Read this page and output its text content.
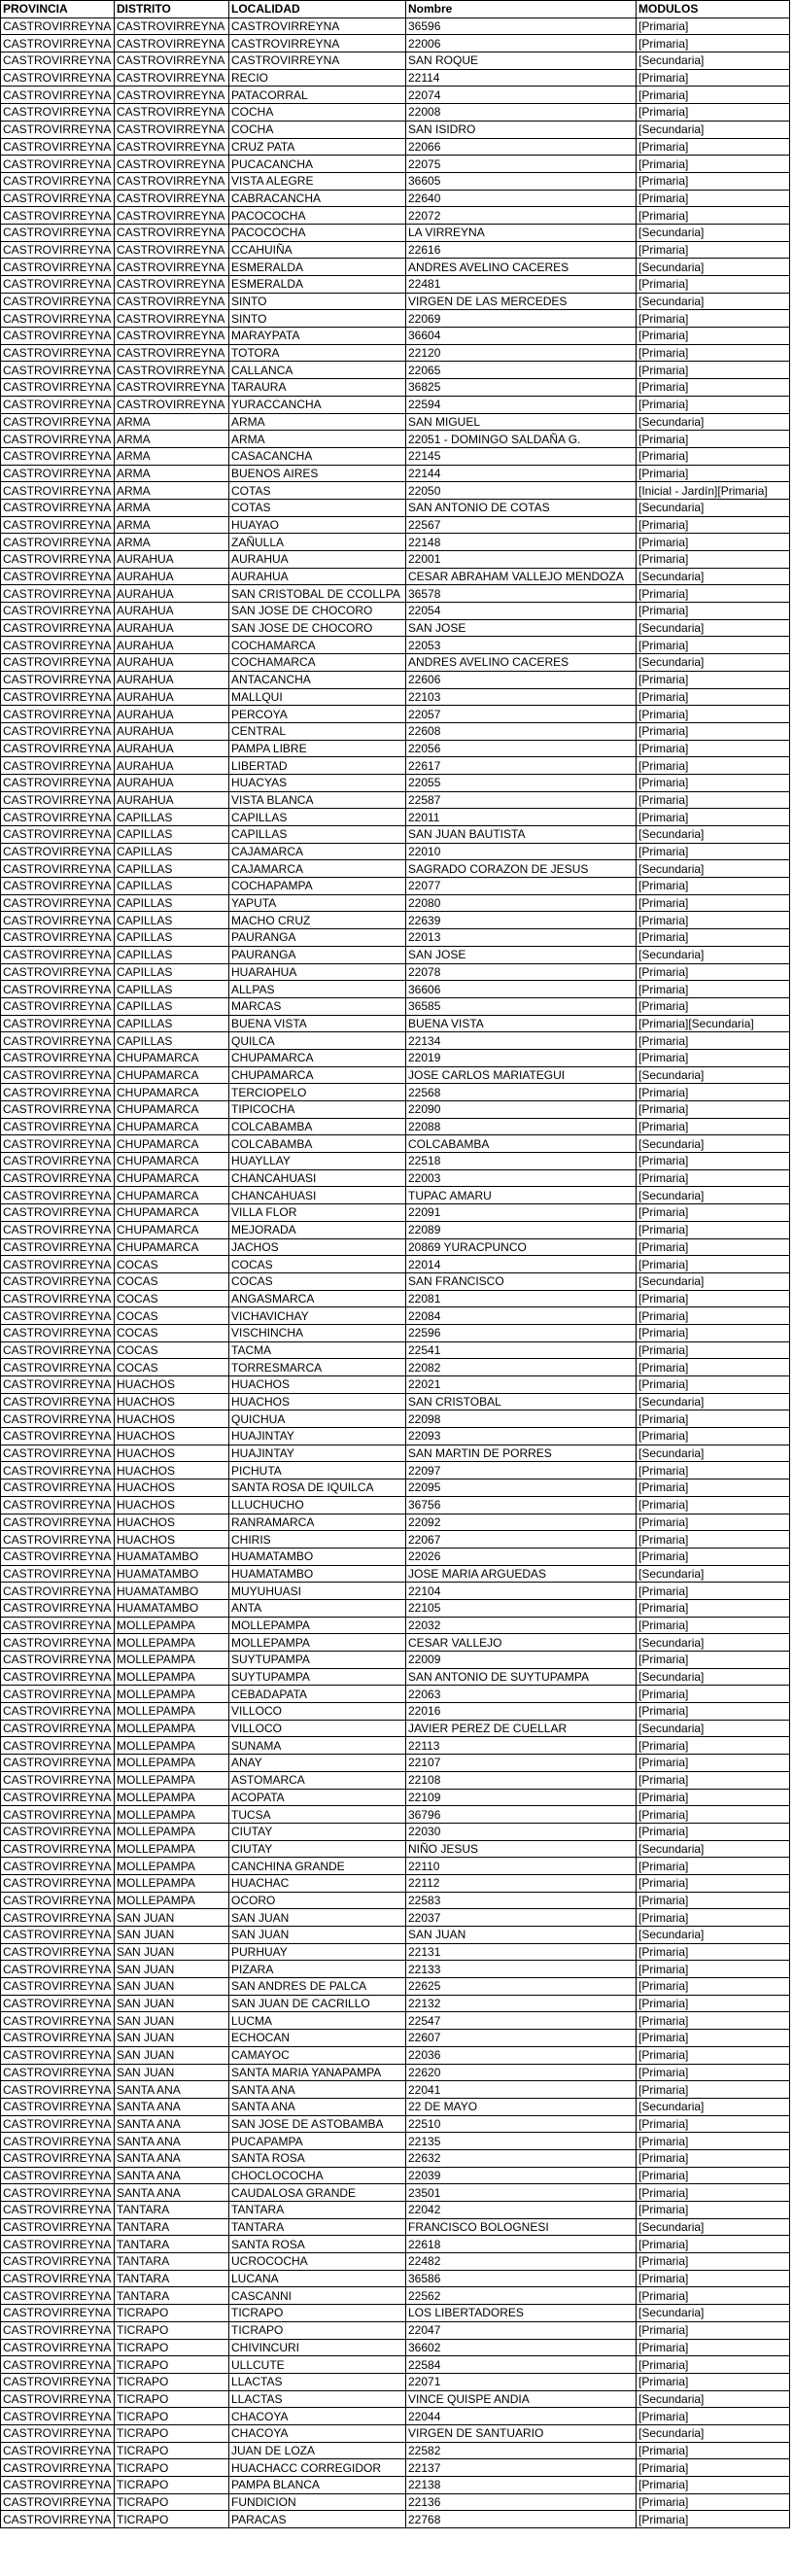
PROVINCIA	DISTRITO	LOCALIDAD	Nombre	MODULOS
CASTROVIRREYNA	CASTROVIRREYNA	CASTROVIRREYNA	36596	[Primaria]
CASTROVIRREYNA	CASTROVIRREYNA	CASTROVIRREYNA	22006	[Primaria]
CASTROVIRREYNA	CASTROVIRREYNA	CASTROVIRREYNA	SAN ROQUE	[Secundaria]
CASTROVIRREYNA	CASTROVIRREYNA	RECIO	22114	[Primaria]
CASTROVIRREYNA	CASTROVIRREYNA	PATACORRAL	22074	[Primaria]
CASTROVIRREYNA	CASTROVIRREYNA	COCHA	22008	[Primaria]
CASTROVIRREYNA	CASTROVIRREYNA	COCHA	SAN ISIDRO	[Secundaria]
CASTROVIRREYNA	CASTROVIRREYNA	CRUZ PATA	22066	[Primaria]
CASTROVIRREYNA	CASTROVIRREYNA	PUCACANCHA	22075	[Primaria]
CASTROVIRREYNA	CASTROVIRREYNA	VISTA ALEGRE	36605	[Primaria]
CASTROVIRREYNA	CASTROVIRREYNA	CABRACANCHA	22640	[Primaria]
CASTROVIRREYNA	CASTROVIRREYNA	PACOCOCHA	22072	[Primaria]
CASTROVIRREYNA	CASTROVIRREYNA	PACOCOCHA	LA VIRREYNA	[Secundaria]
CASTROVIRREYNA	CASTROVIRREYNA	CCAHUIÑA	22616	[Primaria]
CASTROVIRREYNA	CASTROVIRREYNA	ESMERALDA	ANDRES AVELINO CACERES	[Secundaria]
CASTROVIRREYNA	CASTROVIRREYNA	ESMERALDA	22481	[Primaria]
CASTROVIRREYNA	CASTROVIRREYNA	SINTO	VIRGEN DE LAS MERCEDES	[Secundaria]
CASTROVIRREYNA	CASTROVIRREYNA	SINTO	22069	[Primaria]
CASTROVIRREYNA	CASTROVIRREYNA	MARAYPATA	36604	[Primaria]
CASTROVIRREYNA	CASTROVIRREYNA	TOTORA	22120	[Primaria]
CASTROVIRREYNA	CASTROVIRREYNA	CALLANCA	22065	[Primaria]
CASTROVIRREYNA	CASTROVIRREYNA	TARAURA	36825	[Primaria]
CASTROVIRREYNA	CASTROVIRREYNA	YURACCANCHA	22594	[Primaria]
CASTROVIRREYNA	ARMA	ARMA	SAN MIGUEL	[Secundaria]
CASTROVIRREYNA	ARMA	ARMA	22051 - DOMINGO SALDAÑA G.	[Primaria]
CASTROVIRREYNA	ARMA	CASACANCHA	22145	[Primaria]
CASTROVIRREYNA	ARMA	BUENOS AIRES	22144	[Primaria]
CASTROVIRREYNA	ARMA	COTAS	22050	[Inicial - Jardín][Primaria]
CASTROVIRREYNA	ARMA	COTAS	SAN ANTONIO DE COTAS	[Secundaria]
CASTROVIRREYNA	ARMA	HUAYAO	22567	[Primaria]
CASTROVIRREYNA	ARMA	ZAÑULLA	22148	[Primaria]
CASTROVIRREYNA	AURAHUA	AURAHUA	22001	[Primaria]
CASTROVIRREYNA	AURAHUA	AURAHUA	CESAR ABRAHAM VALLEJO MENDOZA	[Secundaria]
CASTROVIRREYNA	AURAHUA	SAN CRISTOBAL DE CCOLLPA	36578	[Primaria]
CASTROVIRREYNA	AURAHUA	SAN JOSE DE CHOCORO	22054	[Primaria]
CASTROVIRREYNA	AURAHUA	SAN JOSE DE CHOCORO	SAN JOSE	[Secundaria]
CASTROVIRREYNA	AURAHUA	COCHAMARCA	22053	[Primaria]
CASTROVIRREYNA	AURAHUA	COCHAMARCA	ANDRES AVELINO CACERES	[Secundaria]
CASTROVIRREYNA	AURAHUA	ANTACANCHA	22606	[Primaria]
CASTROVIRREYNA	AURAHUA	MALLQUI	22103	[Primaria]
CASTROVIRREYNA	AURAHUA	PERCOYA	22057	[Primaria]
CASTROVIRREYNA	AURAHUA	CENTRAL	22608	[Primaria]
CASTROVIRREYNA	AURAHUA	PAMPA LIBRE	22056	[Primaria]
CASTROVIRREYNA	AURAHUA	LIBERTAD	22617	[Primaria]
CASTROVIRREYNA	AURAHUA	HUACYAS	22055	[Primaria]
CASTROVIRREYNA	AURAHUA	VISTA BLANCA	22587	[Primaria]
CASTROVIRREYNA	CAPILLAS	CAPILLAS	22011	[Primaria]
CASTROVIRREYNA	CAPILLAS	CAPILLAS	SAN JUAN BAUTISTA	[Secundaria]
CASTROVIRREYNA	CAPILLAS	CAJAMARCA	22010	[Primaria]
CASTROVIRREYNA	CAPILLAS	CAJAMARCA	SAGRADO CORAZON DE JESUS	[Secundaria]
CASTROVIRREYNA	CAPILLAS	COCHAPAMPA	22077	[Primaria]
CASTROVIRREYNA	CAPILLAS	YAPUTA	22080	[Primaria]
CASTROVIRREYNA	CAPILLAS	MACHO CRUZ	22639	[Primaria]
CASTROVIRREYNA	CAPILLAS	PAURANGA	22013	[Primaria]
CASTROVIRREYNA	CAPILLAS	PAURANGA	SAN JOSE	[Secundaria]
CASTROVIRREYNA	CAPILLAS	HUARAHUA	22078	[Primaria]
CASTROVIRREYNA	CAPILLAS	ALLPAS	36606	[Primaria]
CASTROVIRREYNA	CAPILLAS	MARCAS	36585	[Primaria]
CASTROVIRREYNA	CAPILLAS	BUENA VISTA	BUENA VISTA	[Primaria][Secundaria]
CASTROVIRREYNA	CAPILLAS	QUILCA	22134	[Primaria]
CASTROVIRREYNA	CHUPAMARCA	CHUPAMARCA	22019	[Primaria]
CASTROVIRREYNA	CHUPAMARCA	CHUPAMARCA	JOSE CARLOS MARIATEGUI	[Secundaria]
CASTROVIRREYNA	CHUPAMARCA	TERCIOPELO	22568	[Primaria]
CASTROVIRREYNA	CHUPAMARCA	TIPICOCHA	22090	[Primaria]
CASTROVIRREYNA	CHUPAMARCA	COLCABAMBA	22088	[Primaria]
CASTROVIRREYNA	CHUPAMARCA	COLCABAMBA	COLCABAMBA	[Secundaria]
CASTROVIRREYNA	CHUPAMARCA	HUAYLLAY	22518	[Primaria]
CASTROVIRREYNA	CHUPAMARCA	CHANCAHUASI	22003	[Primaria]
CASTROVIRREYNA	CHUPAMARCA	CHANCAHUASI	TUPAC AMARU	[Secundaria]
CASTROVIRREYNA	CHUPAMARCA	VILLA FLOR	22091	[Primaria]
CASTROVIRREYNA	CHUPAMARCA	MEJORADA	22089	[Primaria]
CASTROVIRREYNA	CHUPAMARCA	JACHOS	20869 YURACPUNCO	[Primaria]
CASTROVIRREYNA	COCAS	COCAS	22014	[Primaria]
CASTROVIRREYNA	COCAS	COCAS	SAN FRANCISCO	[Secundaria]
CASTROVIRREYNA	COCAS	ANGASMARCA	22081	[Primaria]
CASTROVIRREYNA	COCAS	VICHAVICHAY	22084	[Primaria]
CASTROVIRREYNA	COCAS	VISCHINCHA	22596	[Primaria]
CASTROVIRREYNA	COCAS	TACMA	22541	[Primaria]
CASTROVIRREYNA	COCAS	TORRESMARCA	22082	[Primaria]
CASTROVIRREYNA	HUACHOS	HUACHOS	22021	[Primaria]
CASTROVIRREYNA	HUACHOS	HUACHOS	SAN CRISTOBAL	[Secundaria]
CASTROVIRREYNA	HUACHOS	QUICHUA	22098	[Primaria]
CASTROVIRREYNA	HUACHOS	HUAJINTAY	22093	[Primaria]
CASTROVIRREYNA	HUACHOS	HUAJINTAY	SAN MARTIN DE PORRES	[Secundaria]
CASTROVIRREYNA	HUACHOS	PICHUTA	22097	[Primaria]
CASTROVIRREYNA	HUACHOS	SANTA ROSA DE IQUILCA	22095	[Primaria]
CASTROVIRREYNA	HUACHOS	LLUCHUCHO	36756	[Primaria]
CASTROVIRREYNA	HUACHOS	RANRAMARCA	22092	[Primaria]
CASTROVIRREYNA	HUACHOS	CHIRIS	22067	[Primaria]
CASTROVIRREYNA	HUAMATAMBO	HUAMATAMBO	22026	[Primaria]
CASTROVIRREYNA	HUAMATAMBO	HUAMATAMBO	JOSE MARIA ARGUEDAS	[Secundaria]
CASTROVIRREYNA	HUAMATAMBO	MUYUHUASI	22104	[Primaria]
CASTROVIRREYNA	HUAMATAMBO	ANTA	22105	[Primaria]
CASTROVIRREYNA	MOLLEPAMPA	MOLLEPAMPA	22032	[Primaria]
CASTROVIRREYNA	MOLLEPAMPA	MOLLEPAMPA	CESAR VALLEJO	[Secundaria]
CASTROVIRREYNA	MOLLEPAMPA	SUYTUPAMPA	22009	[Primaria]
CASTROVIRREYNA	MOLLEPAMPA	SUYTUPAMPA	SAN ANTONIO DE SUYTUPAMPA	[Secundaria]
CASTROVIRREYNA	MOLLEPAMPA	CEBADAPATA	22063	[Primaria]
CASTROVIRREYNA	MOLLEPAMPA	VILLOCO	22016	[Primaria]
CASTROVIRREYNA	MOLLEPAMPA	VILLOCO	JAVIER PEREZ DE CUELLAR	[Secundaria]
CASTROVIRREYNA	MOLLEPAMPA	SUNAMA	22113	[Primaria]
CASTROVIRREYNA	MOLLEPAMPA	ANAY	22107	[Primaria]
CASTROVIRREYNA	MOLLEPAMPA	ASTOMARCA	22108	[Primaria]
CASTROVIRREYNA	MOLLEPAMPA	ACOPATA	22109	[Primaria]
CASTROVIRREYNA	MOLLEPAMPA	TUCSA	36796	[Primaria]
CASTROVIRREYNA	MOLLEPAMPA	CIUTAY	22030	[Primaria]
CASTROVIRREYNA	MOLLEPAMPA	CIUTAY	NIÑO JESUS	[Secundaria]
CASTROVIRREYNA	MOLLEPAMPA	CANCHINA GRANDE	22110	[Primaria]
CASTROVIRREYNA	MOLLEPAMPA	HUACHAC	22112	[Primaria]
CASTROVIRREYNA	MOLLEPAMPA	OCORO	22583	[Primaria]
CASTROVIRREYNA	SAN JUAN	SAN JUAN	22037	[Primaria]
CASTROVIRREYNA	SAN JUAN	SAN JUAN	SAN JUAN	[Secundaria]
CASTROVIRREYNA	SAN JUAN	PURHUAY	22131	[Primaria]
CASTROVIRREYNA	SAN JUAN	PIZARA	22133	[Primaria]
CASTROVIRREYNA	SAN JUAN	SAN ANDRES DE PALCA	22625	[Primaria]
CASTROVIRREYNA	SAN JUAN	SAN JUAN DE CACRILLO	22132	[Primaria]
CASTROVIRREYNA	SAN JUAN	LUCMA	22547	[Primaria]
CASTROVIRREYNA	SAN JUAN	ECHOCAN	22607	[Primaria]
CASTROVIRREYNA	SAN JUAN	CAMAYOC	22036	[Primaria]
CASTROVIRREYNA	SAN JUAN	SANTA MARIA YANAPAMPA	22620	[Primaria]
CASTROVIRREYNA	SANTA ANA	SANTA ANA	22041	[Primaria]
CASTROVIRREYNA	SANTA ANA	SANTA ANA	22 DE MAYO	[Secundaria]
CASTROVIRREYNA	SANTA ANA	SAN JOSE DE ASTOBAMBA	22510	[Primaria]
CASTROVIRREYNA	SANTA ANA	PUCAPAMPA	22135	[Primaria]
CASTROVIRREYNA	SANTA ANA	SANTA ROSA	22632	[Primaria]
CASTROVIRREYNA	SANTA ANA	CHOCLOCOCHA	22039	[Primaria]
CASTROVIRREYNA	SANTA ANA	CAUDALOSA GRANDE	23501	[Primaria]
CASTROVIRREYNA	TANTARA	TANTARA	22042	[Primaria]
CASTROVIRREYNA	TANTARA	TANTARA	FRANCISCO BOLOGNESI	[Secundaria]
CASTROVIRREYNA	TANTARA	SANTA ROSA	22618	[Primaria]
CASTROVIRREYNA	TANTARA	UCROCOCHA	22482	[Primaria]
CASTROVIRREYNA	TANTARA	LUCANA	36586	[Primaria]
CASTROVIRREYNA	TANTARA	CASCANNI	22562	[Primaria]
CASTROVIRREYNA	TICRAPO	TICRAPO	LOS LIBERTADORES	[Secundaria]
CASTROVIRREYNA	TICRAPO	TICRAPO	22047	[Primaria]
CASTROVIRREYNA	TICRAPO	CHIVINCURI	36602	[Primaria]
CASTROVIRREYNA	TICRAPO	ULLCUTE	22584	[Primaria]
CASTROVIRREYNA	TICRAPO	LLACTAS	22071	[Primaria]
CASTROVIRREYNA	TICRAPO	LLACTAS	VINCE QUISPE ANDIA	[Secundaria]
CASTROVIRREYNA	TICRAPO	CHACOYA	22044	[Primaria]
CASTROVIRREYNA	TICRAPO	CHACOYA	VIRGEN DE SANTUARIO	[Secundaria]
CASTROVIRREYNA	TICRAPO	JUAN DE LOZA	22582	[Primaria]
CASTROVIRREYNA	TICRAPO	HUACHACC CORREGIDOR	22137	[Primaria]
CASTROVIRREYNA	TICRAPO	PAMPA BLANCA	22138	[Primaria]
CASTROVIRREYNA	TICRAPO	FUNDICION	22136	[Primaria]
CASTROVIRREYNA	TICRAPO	PARACAS	22768	[Primaria]
